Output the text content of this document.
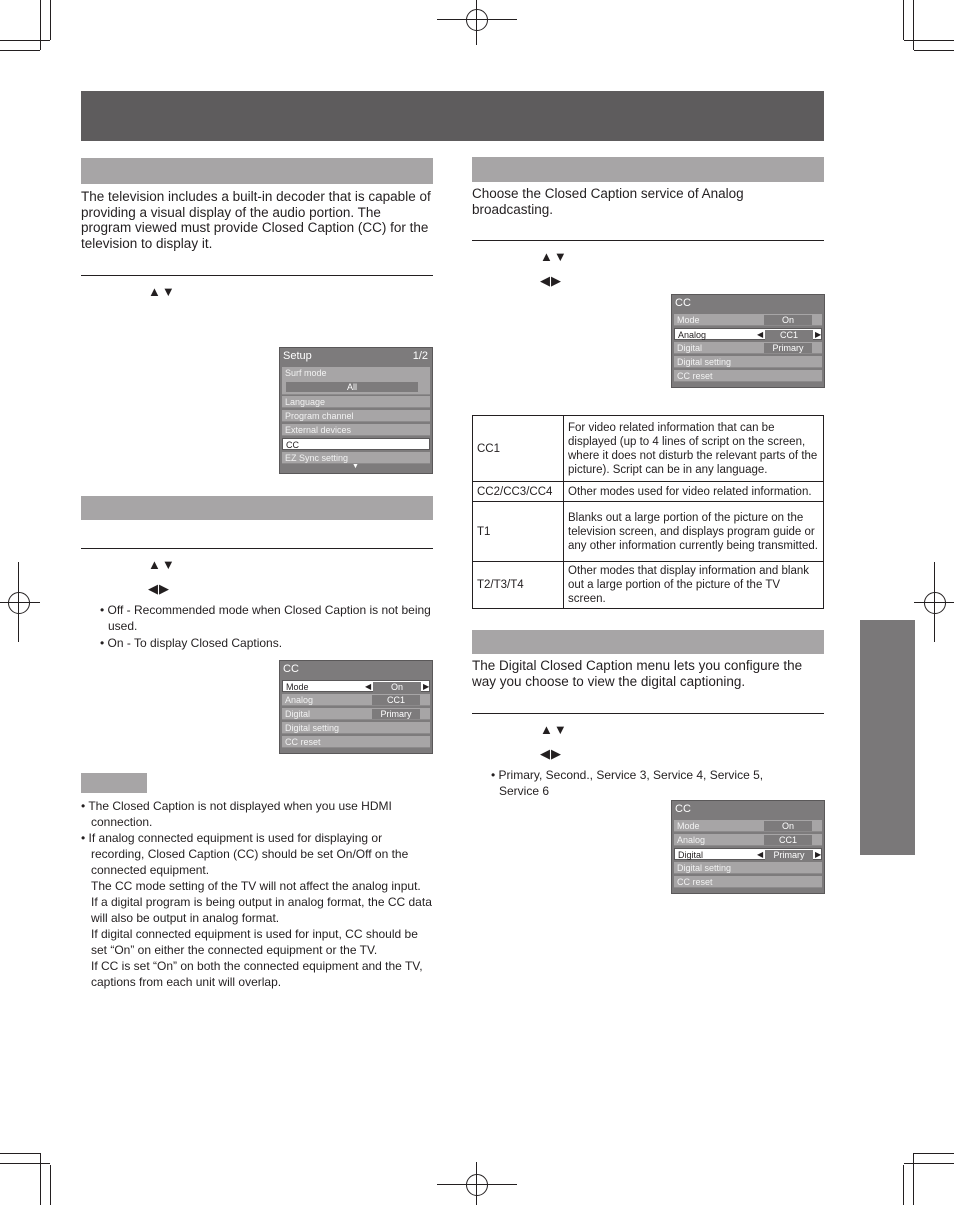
The television includes a built-in decoder that is capable of providing a visual display of the audio portion. The program viewed must provide Closed Caption (CC) for the television to display it.
▲▼
Setup	1/2
Surf mode
All
Language
Program channel
External devices
CC
EZ Sync setting
▼
▲▼
◀▶
• Off - Recommended mode when Closed Caption is not being used.
• On - To display Closed Captions.
CC
Mode	◀	On	▶
Analog	CC1
Digital	Primary
Digital setting
CC reset
• The Closed Caption is not displayed when you use HDMI connection.
• If analog connected equipment is used for displaying or recording, Closed Caption (CC) should be set On/Off on the connected equipment.
The CC mode setting of the TV will not affect the analog input.
If a digital program is being output in analog format, the CC data will also be output in analog format.
If digital connected equipment is used for input, CC should be set “On” on either the connected equipment or the TV.
If CC is set “On” on both the connected equipment and the TV, captions from each unit will overlap.
Choose the Closed Caption service of Analog broadcasting.
▲▼
◀▶
CC
Mode	On
Analog	◀	CC1	▶
Digital	Primary
Digital setting
CC reset
CC1	For video related information that can be displayed (up to 4 lines of script on the screen, where it does not disturb the relevant parts of the picture). Script can be in any language.
CC2/CC3/CC4	Other modes used for video related information.
T1	Blanks out a large portion of the picture on the television screen, and displays program guide or any other information currently being transmitted.
T2/T3/T4	Other modes that display information and blank out a large portion of the picture of the TV screen.
The Digital Closed Caption menu lets you configure the way you choose to view the digital captioning.
▲▼
◀▶
• Primary, Second., Service 3, Service 4, Service 5, Service 6
CC
Mode	On
Analog	CC1
Digital	◀	Primary	▶
Digital setting
CC reset
